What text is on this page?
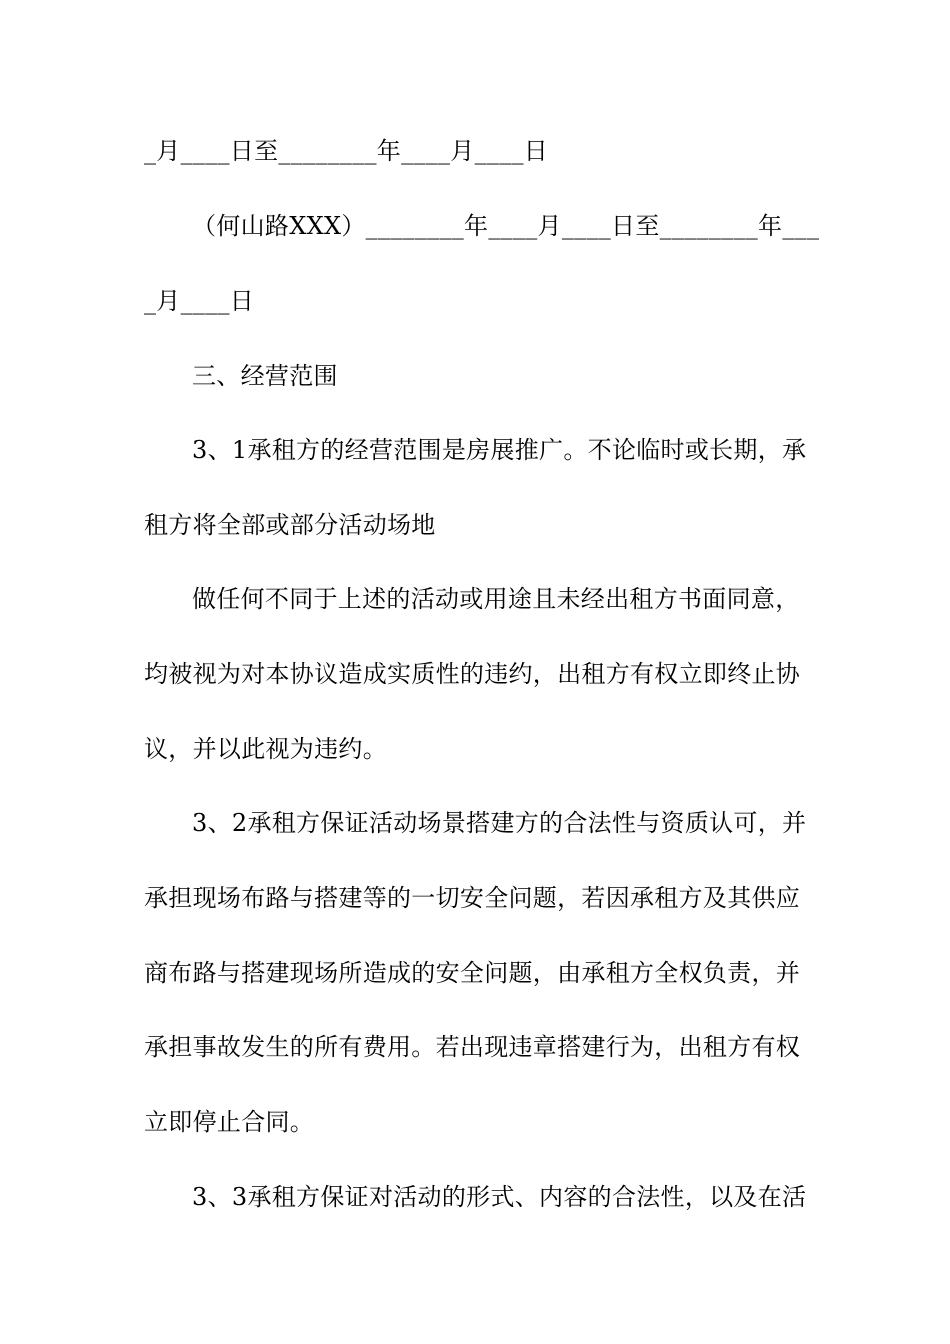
_月____日至________年____月____日
（何山路XXX）________年____月____日至________年___
_月____日
三、经营范围
3、1承租方的经营范围是房展推广。不论临时或长期，承
租方将全部或部分活动场地
做任何不同于上述的活动或用途且未经出租方书面同意，
均被视为对本协议造成实质性的违约，出租方有权立即终止协
议，并以此视为违约。
3、2承租方保证活动场景搭建方的合法性与资质认可，并
承担现场布路与搭建等的一切安全问题，若因承租方及其供应
商布路与搭建现场所造成的安全问题，由承租方全权负责，并
承担事故发生的所有费用。若出现违章搭建行为，出租方有权
立即停止合同。
3、3承租方保证对活动的形式、内容的合法性，以及在活
